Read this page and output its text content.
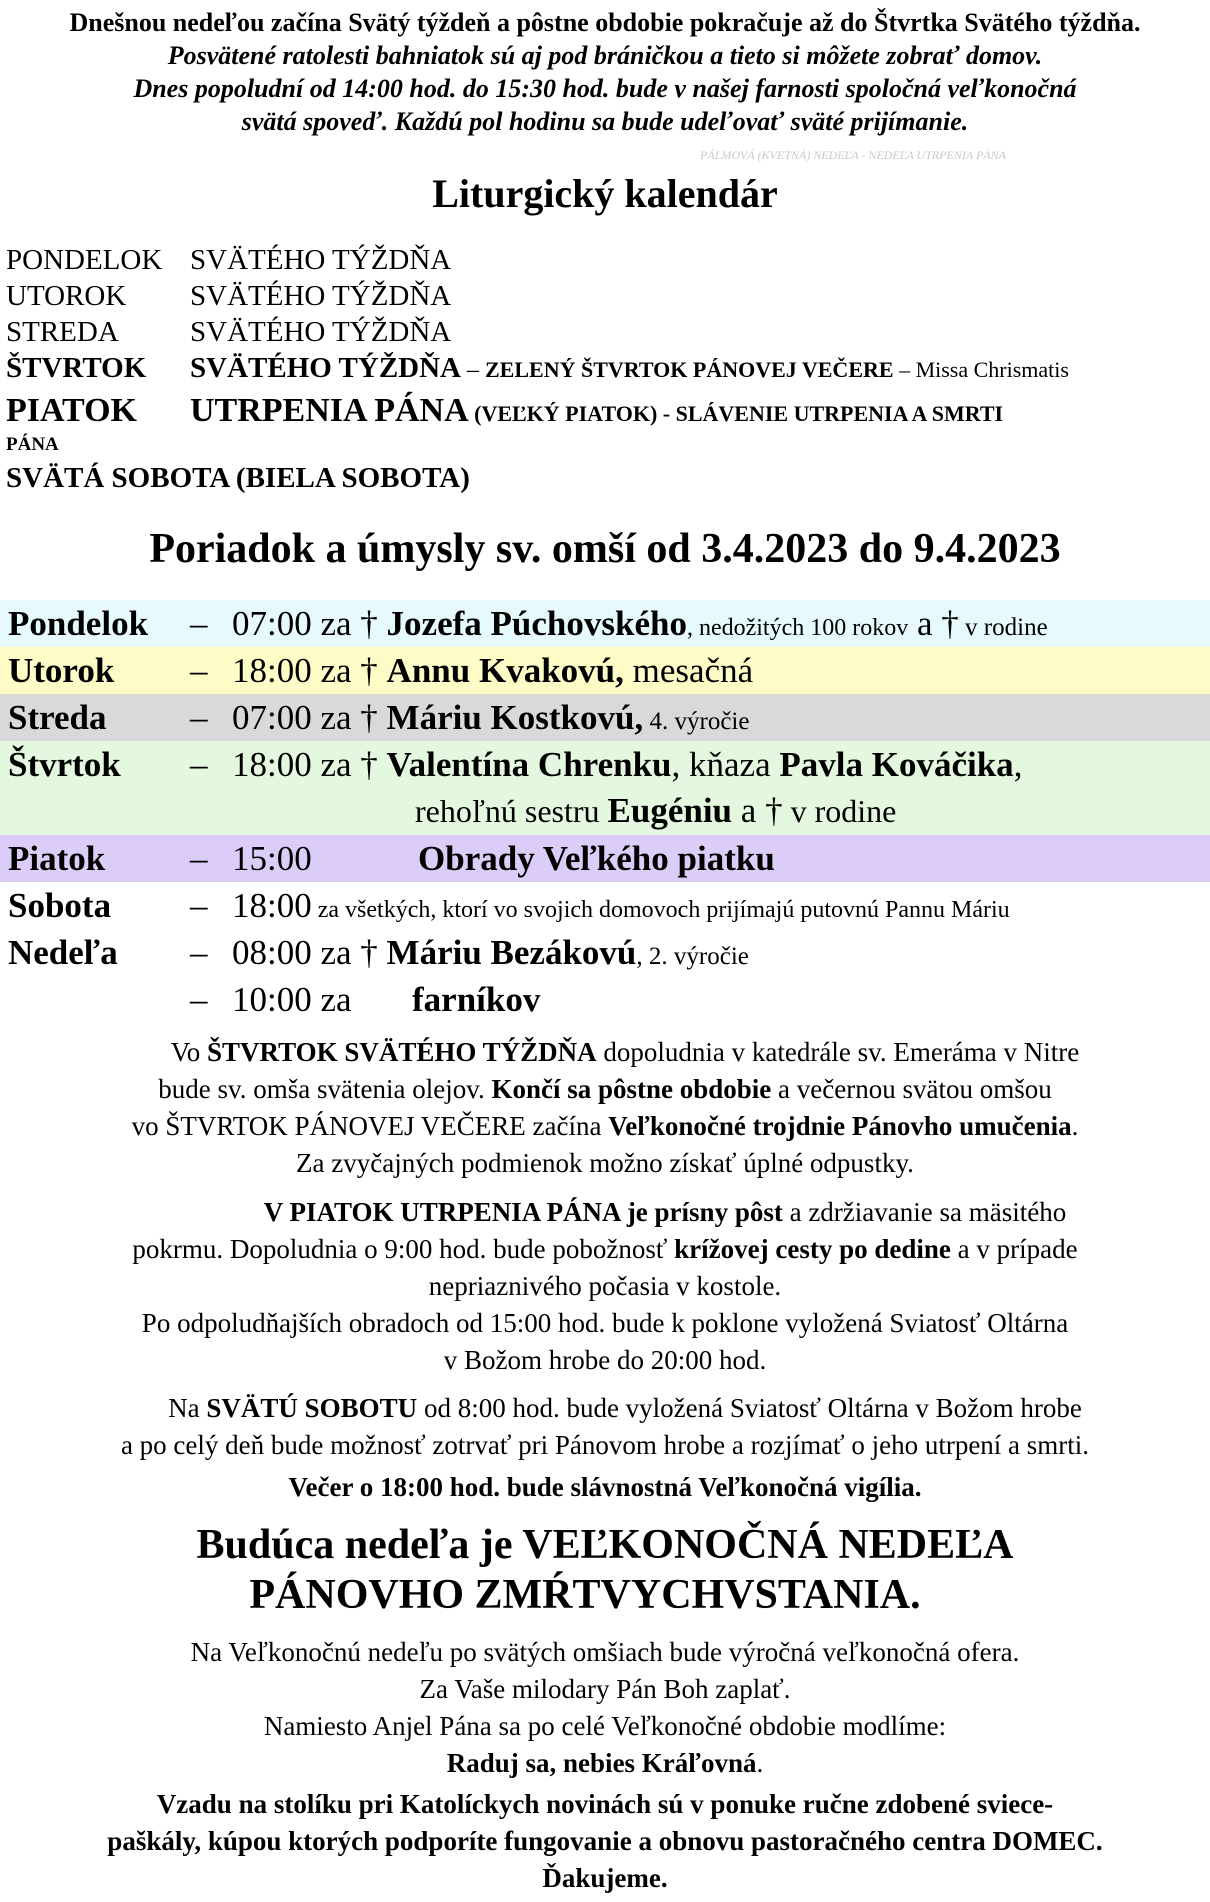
Dnešnou nedeľou začína Svätý týždeň a pôstne obdobie pokračuje až do Štvrtka Svätého týždňa.
Posvätené ratolesti bahniatok sú aj pod bráničkou a tieto si môžete zobrať domov.
Dnes popoludní od 14:00 hod. do 15:30 hod. bude v našej farnosti spoločná veľkonočná
svätá spoveď. Každú pol hodinu sa bude udeľovať sväté prijímanie.
PÁLMOVÁ (KVETNÁ) NEDEĽA - NEDEĽA UTRPENIA PÁNA
Liturgický kalendár
PONDELOK SVÄTÉHO TÝŽDŇA
UTOROK SVÄTÉHO TÝŽDŇA
STREDA SVÄTÉHO TÝŽDŇA
ŠTVRTOK SVÄTÉHO TÝŽDŇA – ZELENÝ ŠTVRTOK PÁNOVEJ VEČERE – Missa Chrismatis
PIATOK UTRPENIA PÁNA (VEĽKÝ PIATOK) - SLÁVENIE UTRPENIA A SMRTI
PÁNA
SVÄTÁ SOBOTA (BIELA SOBOTA)
Poriadok a úmysly sv. omší od 3.4.2023 do 9.4.2023
Pondelok – 07:00 za † Jozefa Púchovského, nedožitých 100 rokov a † v rodine
Utorok – 18:00 za † Annu Kvakovú, mesačná
Streda – 07:00 za † Máriu Kostkovú, 4. výročie
Štvrtok – 18:00 za † Valentína Chrenku, kňaza Pavla Kováčika,
rehoľnú sestru Eugéniu a † v rodine
Piatok – 15:00	Obrady Veľkého piatku
Sobota – 18:00 za všetkých, ktorí vo svojich domovoch prijímajú putovnú Pannu Máriu
Nedeľa – 08:00 za † Máriu Bezákovú, 2. výročie
– 10:00 za farníkov
Vo ŠTVRTOK SVÄTÉHO TÝŽDŇA dopoludnia v katedrále sv. Emeráma v Nitre
bude sv. omša svätenia olejov. Končí sa pôstne obdobie a večernou svätou omšou
vo ŠTVRTOK PÁNOVEJ VEČERE začína Veľkonočné trojdnie Pánovho umučenia.
Za zvyčajných podmienok možno získať úplné odpustky.
V PIATOK UTRPENIA PÁNA je prísny pôst a zdržiavanie sa mäsitého
pokrmu. Dopoludnia o 9:00 hod. bude pobožnosť krížovej cesty po dedine a v prípade
nepriaznivého počasia v kostole.
Po odpoludňajších obradoch od 15:00 hod. bude k poklone vyložená Sviatosť Oltárna
v Božom hrobe do 20:00 hod.
Na SVÄTÚ SOBOTU od 8:00 hod. bude vyložená Sviatosť Oltárna v Božom hrobe
a po celý deň bude možnosť zotrvať pri Pánovom hrobe a rozjímať o jeho utrpení a smrti.
Večer o 18:00 hod. bude slávnostná Veľkonočná vigília.
Budúca nedeľa je VEĽKONOČNÁ NEDEĽA
PÁNOVHO ZMŔTVYCHVSTANIA.
Na Veľkonočnú nedeľu po svätých omšiach bude výročná veľkonočná ofera.
Za Vaše milodary Pán Boh zaplať.
Namiesto Anjel Pána sa po celé Veľkonočné obdobie modlíme:
Raduj sa, nebies Kráľovná.
Vzadu na stolíku pri Katolíckych novinách sú v ponuke ručne zdobené sviece-
paškály, kúpou ktorých podporíte fungovanie a obnovu pastoračného centra DOMEC.
Ďakujeme.
